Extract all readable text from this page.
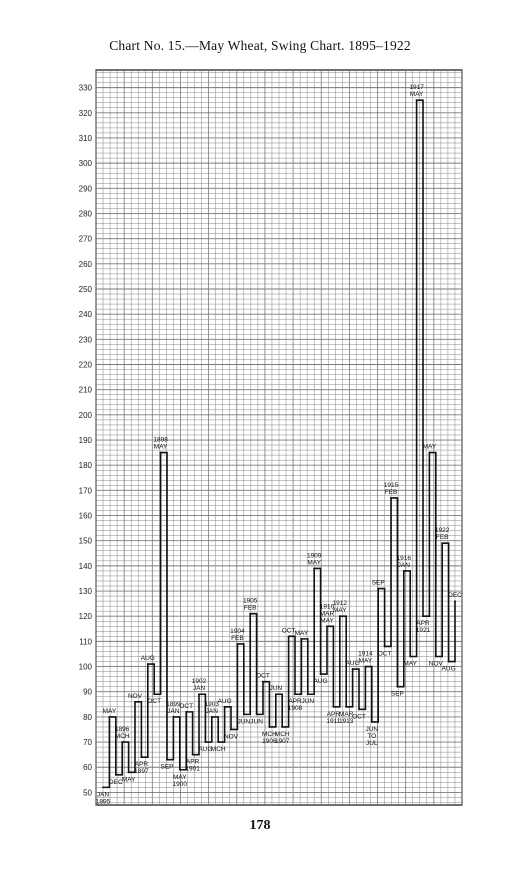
Chart No. 15.—May Wheat, Swing Chart. 1895–1922
50
60
70
80
90
100
110
120
130
140
150
160
170
180
190
200
210
220
230
240
250
260
270
280
290
300
310
320
330
JAN
1895
MAY
DEC
1896
MCH
MAY
NOV
APR
1897
AUG
OCT
1898
MAY
SEP
1899
JAN
MAY
1900
OCT
APR
1901
1902
JAN
AUG
1903
JAN
MCH
AUG
NOV
1904
FEB
JUN
1905
FEB
JUN
OCT
MCH
1906
JUN
MCH
1907
OCT
APR
1908
MAY
JUN
1909
MAY
AUG
1910
MAR
MAY
APR
1911
1912
MAY
MAR
1913
AUG
OCT
1914
MAY
JUN
TO
JUL
SEP
OCT
1915
FEB
SEP
1916
JAN
MAY
1917
MAY
APR
1921
MAY
NOV
1922
FEB
AUG
DEC
178
